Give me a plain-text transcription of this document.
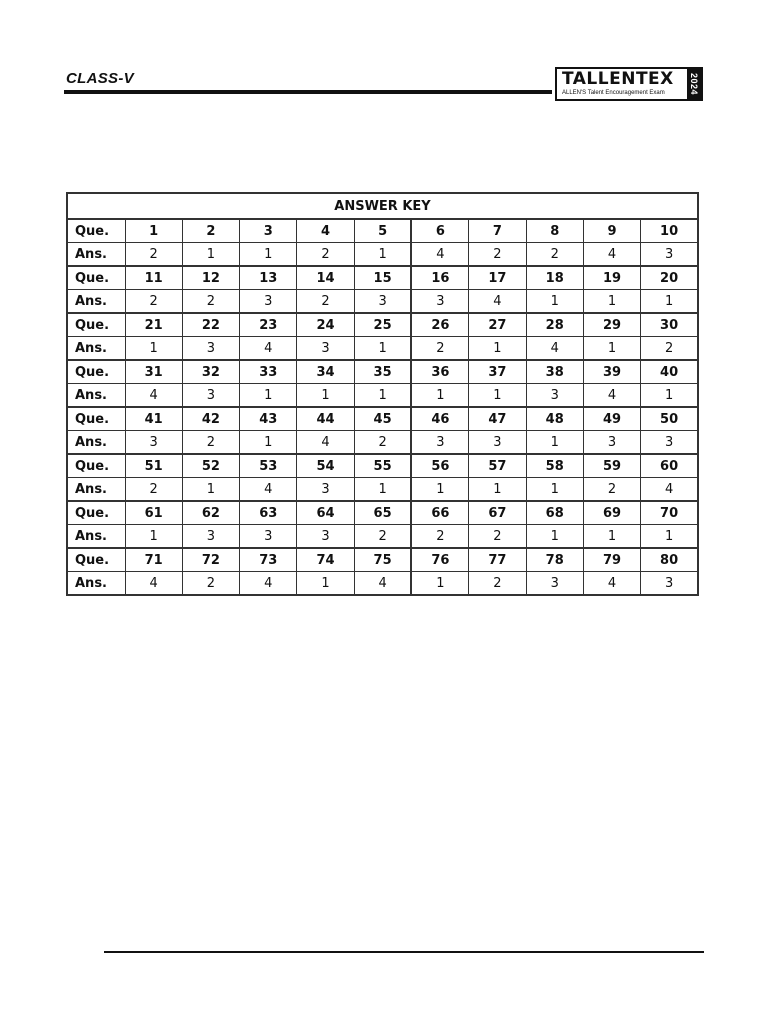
CLASS-V	TALLENTEX
ALLEN'S Talent Encouragement Exam	2024
ANSWER KEY										
Que.	1	2	3	4	5	6	7	8	9	10
Ans.	2	1	1	2	1	4	2	2	4	3
Que.	11	12	13	14	15	16	17	18	19	20
Ans.	2	2	3	2	3	3	4	1	1	1
Que.	21	22	23	24	25	26	27	28	29	30
Ans.	1	3	4	3	1	2	1	4	1	2
Que.	31	32	33	34	35	36	37	38	39	40
Ans.	4	3	1	1	1	1	1	3	4	1
Que.	41	42	43	44	45	46	47	48	49	50
Ans.	3	2	1	4	2	3	3	1	3	3
Que.	51	52	53	54	55	56	57	58	59	60
Ans.	2	1	4	3	1	1	1	1	2	4
Que.	61	62	63	64	65	66	67	68	69	70
Ans.	1	3	3	3	2	2	2	1	1	1
Que.	71	72	73	74	75	76	77	78	79	80
Ans.	4	2	4	1	4	1	2	3	4	3
